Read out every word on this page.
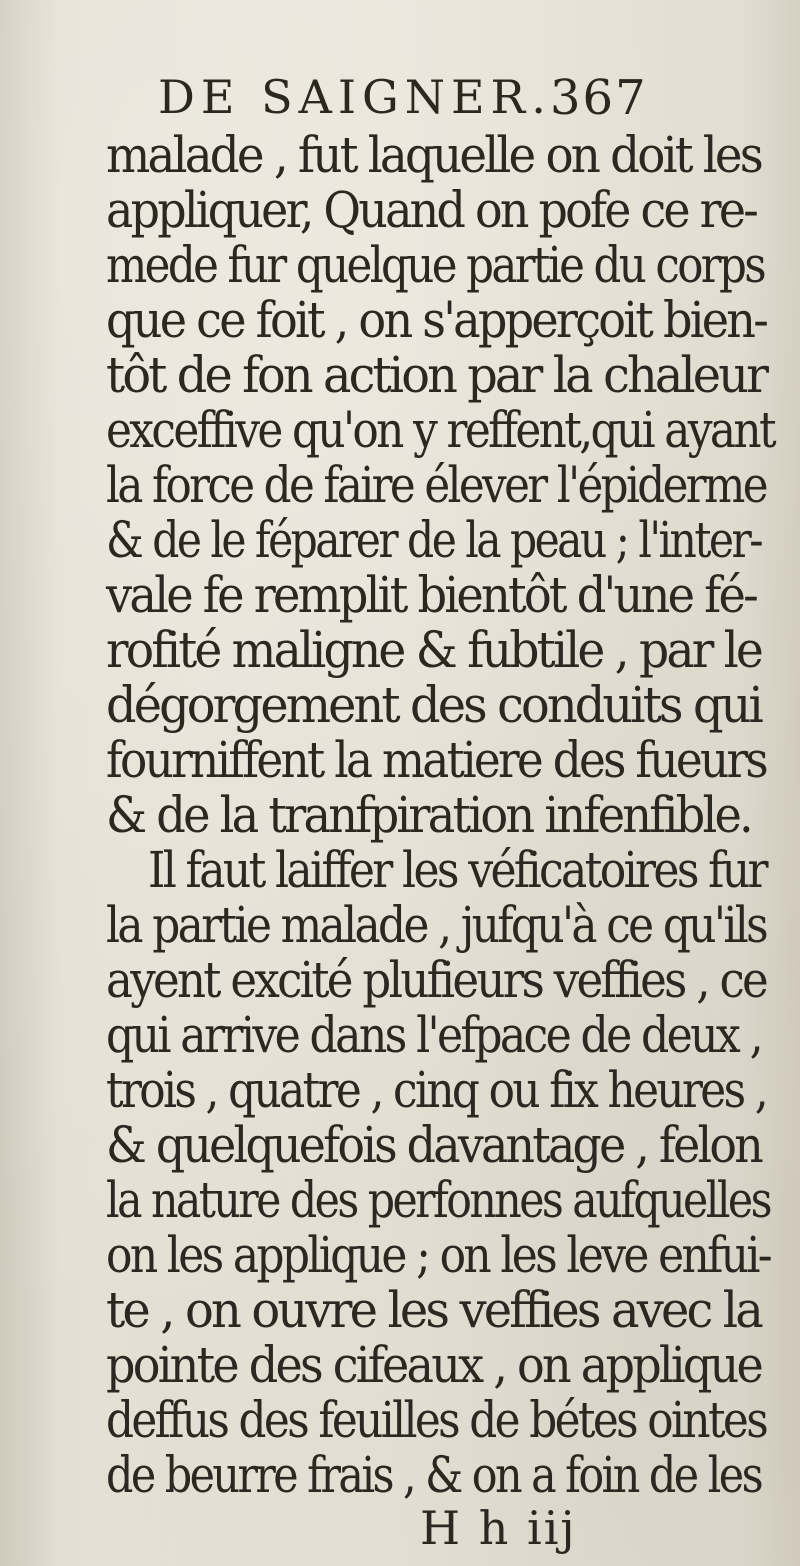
DE SAIGNER.
367
malade , fut laquelle on doit les
appliquer, Quand on pofe ce re-
mede fur quelque partie du corps
que ce foit , on s'apperçoit bien-
tôt de fon action par la chaleur
exceffive qu'on y reffent,qui ayant
la force de faire élever l'épiderme
& de le féparer de la peau ; l'inter-
vale fe remplit bientôt d'une fé-
rofité maligne & fubtile , par le
dégorgement des conduits qui
fourniffent la matiere des fueurs
& de la tranfpiration infenfible.
Il faut laiffer les véficatoires fur
la partie malade , jufqu'à ce qu'ils
ayent excité plufieurs veffies , ce
qui arrive dans l'efpace de deux ,
trois , quatre , cinq ou fix heures ,
& quelquefois davantage , felon
la nature des perfonnes aufquelles
on les applique ; on les leve enfui-
te , on ouvre les veffies avec la
pointe des cifeaux , on applique
deffus des feuilles de bétes ointes
de beurre frais , & on a foin de les
H h iij
